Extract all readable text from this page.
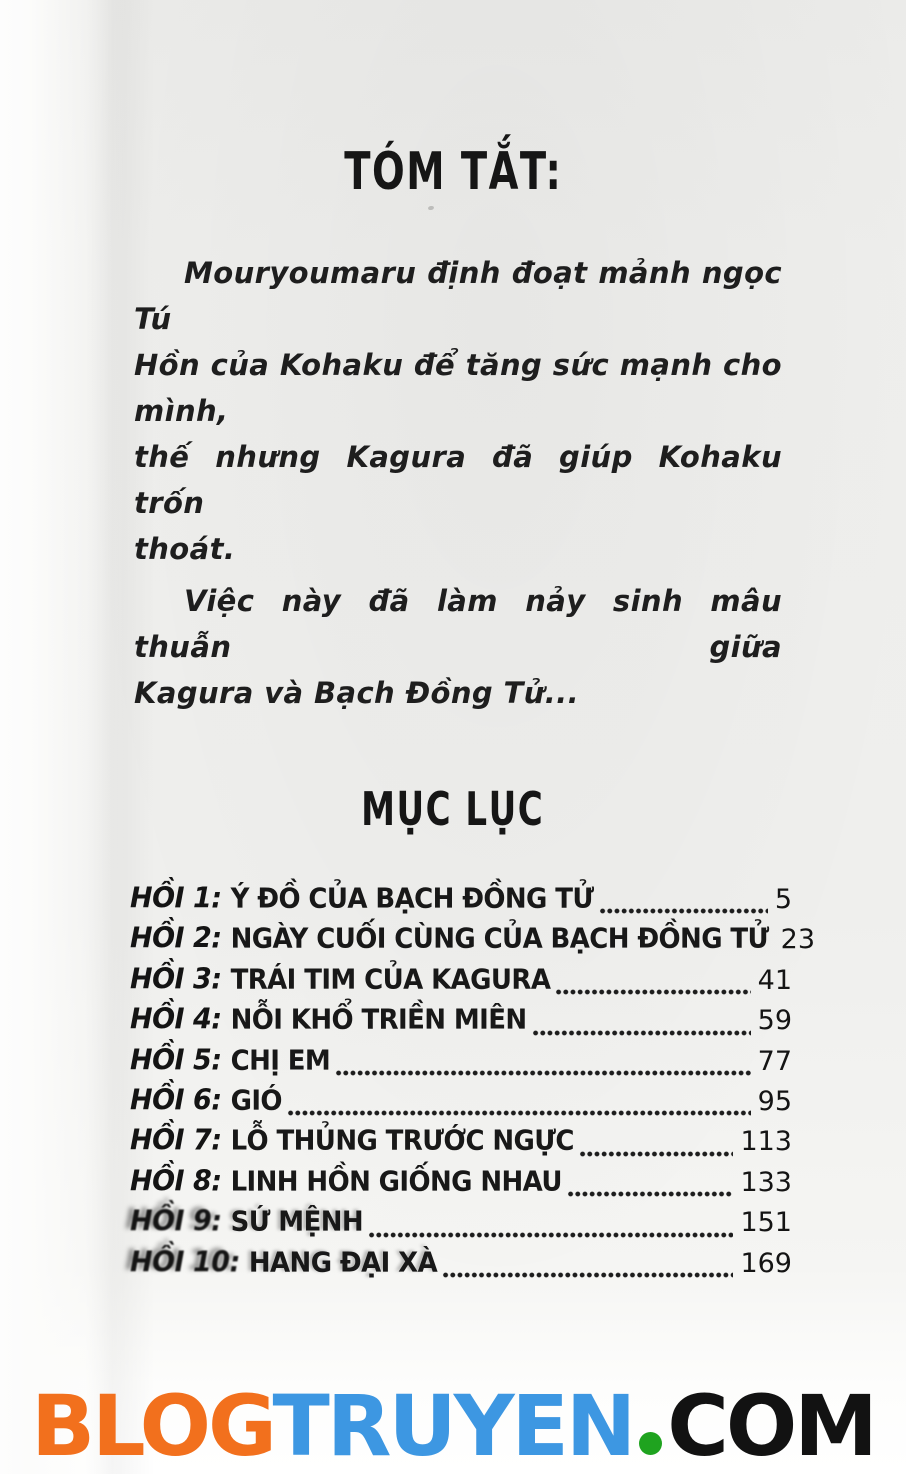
TÓM TẮT:
Mouryoumaru định đoạt mảnh ngọc Tú
Hồn của Kohaku để tăng sức mạnh cho mình,
thế nhưng Kagura đã giúp Kohaku trốn
thoát.
Việc này đã làm nảy sinh mâu thuẫn giữa
Kagura và Bạch Đồng Tử...
MỤC LỤC
HỒI 1: Ý ĐỒ CỦA BẠCH ĐỒNG TỬ	5
HỒI 2: NGÀY CUỐI CÙNG CỦA BẠCH ĐỒNG TỬ 23
HỒI 3: TRÁI TIM CỦA KAGURA	41
HỒI 4: NỖI KHỔ TRIỀN MIÊN	59
HỒI 5: CHỊ EM	77
HỒI 6: GIÓ	95
HỒI 7: LỖ THỦNG TRƯỚC NGỰC	113
HỒI 8: LINH HỒN GIỐNG NHAU	133
HỒI 9: SỨ MỆNH	151
HỒI 10: HANG ĐẠI XÀ	169
BLOGTRUYEN COM
